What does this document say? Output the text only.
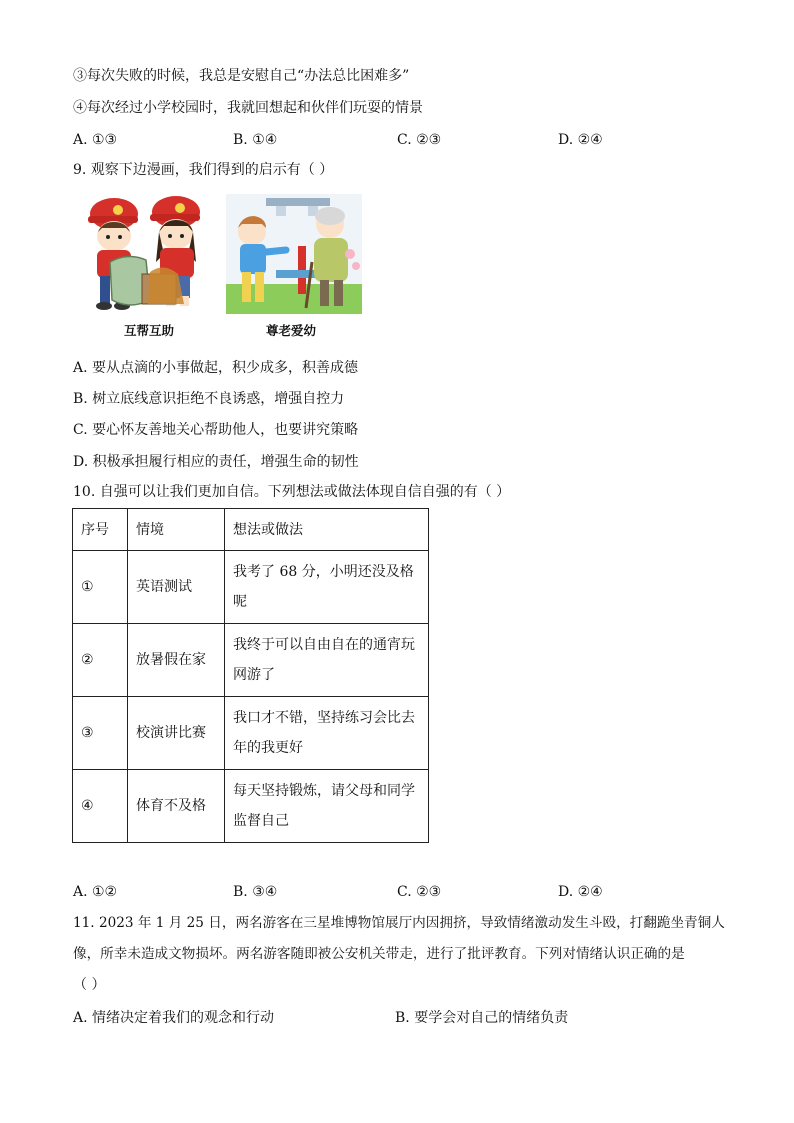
③每次失败的时候，我总是安慰自己“办法总比困难多”
④每次经过小学校园时，我就回想起和伙伴们玩耍的情景
A. ①③	B. ①④	C. ②③	D. ②④
9. 观察下边漫画，我们得到的启示有（ ）
互帮互助	尊老爱幼
A. 要从点滴的小事做起，积少成多，积善成德
B. 树立底线意识拒绝不良诱惑，增强自控力
C. 要心怀友善地关心帮助他人，也要讲究策略
D. 积极承担履行相应的责任，增强生命的韧性
10. 自强可以让我们更加自信。下列想法或做法体现自信自强的有（ ）
序号	情境	想法或做法
①	英语测试	我考了 68 分，小明还没及格
呢
②	放暑假在家	我终于可以自由自在的通宵玩
网游了
③	校演讲比赛	我口才不错，坚持练习会比去
年的我更好
④	体育不及格	每天坚持锻炼，请父母和同学
监督自己
A. ①②	B. ③④	C. ②③	D. ②④
11. 2023 年 1 月 25 日，两名游客在三星堆博物馆展厅内因拥挤，导致情绪激动发生斗殴，打翻跪坐青铜人
像，所幸未造成文物损坏。两名游客随即被公安机关带走，进行了批评教育。下列对情绪认识正确的是
（ ）
A. 情绪决定着我们的观念和行动	B. 要学会对自己的情绪负责
